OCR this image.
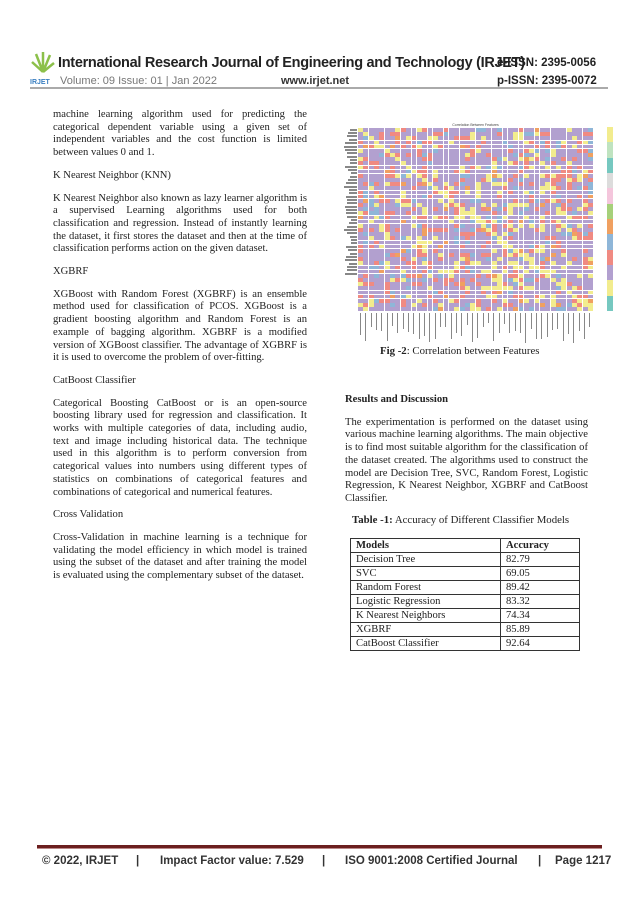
IRJET
International Research Journal of Engineering and Technology (IRJET)
e-ISSN: 2395-0056
Volume: 09 Issue: 01 | Jan 2022	www.irjet.net	p-ISSN: 2395-0072

machine learning algorithm used for predicting the categorical dependent variable using a given set of independent variables and the cost function is limited between values 0 and 1.

K Nearest Neighbor (KNN)

K Nearest Neighbor also known as lazy learner algorithm is a supervised Learning algorithms used for both classification and regression. Instead of instantly learning the dataset, it first stores the dataset and then at the time of classification performs action on the given dataset.

XGBRF

XGBoost with Random Forest (XGBRF) is an ensemble method used for classification of PCOS. XGBoost is a gradient boosting algorithm and Random Forest is an example of bagging algorithm. XGBRF is a modified version of XGBoost classifier. The advantage of XGBRF is it is used to overcome the problem of over-fitting.

CatBoost Classifier

Categorical Boosting CatBoost or is an open-source boosting library used for regression and classification. It works with multiple categories of data, including audio, text and image including historical data. The technique used in this algorithm is to perform conversion from categorical values into numbers using different types of statistics on combinations of categorical features and combinations of categorical and numerical features.

Cross Validation

Cross-Validation in machine learning is a technique for validating the model efficiency in which model is trained using the subset of the dataset and after training the model is evaluated using the complementary subset of the dataset.

Correlation Between Features
Fig -2: Correlation between Features

Results and Discussion

The experimentation is performed on the dataset using various machine learning algorithms. The main objective is to find most suitable algorithm for the classification of the dataset created. The algorithms used to construct the model are Decision Tree, SVC, Random Forest, Logistic Regression, K Nearest Neighbor, XGBRF and CatBoost Classifier.

Table -1: Accuracy of Different Classifier Models
Models	Accuracy
Decision Tree	82.79
SVC	69.05
Random Forest	89.42
Logistic Regression	83.32
K Nearest Neighbors	74.34
XGBRF	85.89
CatBoost Classifier	92.64
© 2022, IRJET | Impact Factor value: 7.529 | ISO 9001:2008 Certified Journal | Page 1217
